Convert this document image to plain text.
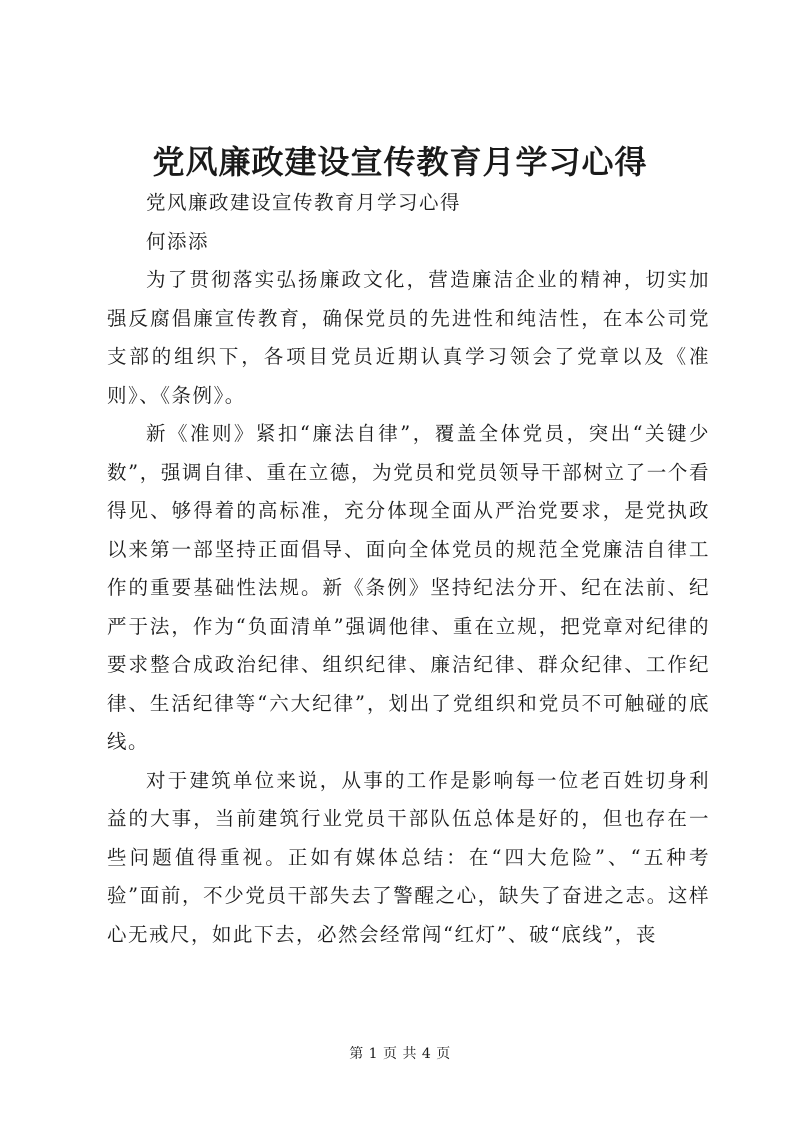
党风廉政建设宣传教育月学习心得

党风廉政建设宣传教育月学习心得

何添添

为了贯彻落实弘扬廉政文化，营造廉洁企业的精神，切实加强反腐倡廉宣传教育，确保党员的先进性和纯洁性，在本公司党支部的组织下，各项目党员近期认真学习领会了党章以及《准则》、《条例》。

新《准则》紧扣“廉法自律”，覆盖全体党员，突出“关键少数”，强调自律、重在立德，为党员和党员领导干部树立了一个看得见、够得着的高标准，充分体现全面从严治党要求，是党执政以来第一部坚持正面倡导、面向全体党员的规范全党廉洁自律工作的重要基础性法规。新《条例》坚持纪法分开、纪在法前、纪严于法，作为“负面清单”强调他律、重在立规，把党章对纪律的要求整合成政治纪律、组织纪律、廉洁纪律、群众纪律、工作纪律、生活纪律等“六大纪律”，划出了党组织和党员不可触碰的底线。

对于建筑单位来说，从事的工作是影响每一位老百姓切身利益的大事，当前建筑行业党员干部队伍总体是好的，但也存在一些问题值得重视。正如有媒体总结：在“四大危险”、“五种考验”面前，不少党员干部失去了警醒之心，缺失了奋进之志。这样心无戒尺，如此下去，必然会经常闯“红灯”、破“底线”，丧

第 1 页 共 4 页
